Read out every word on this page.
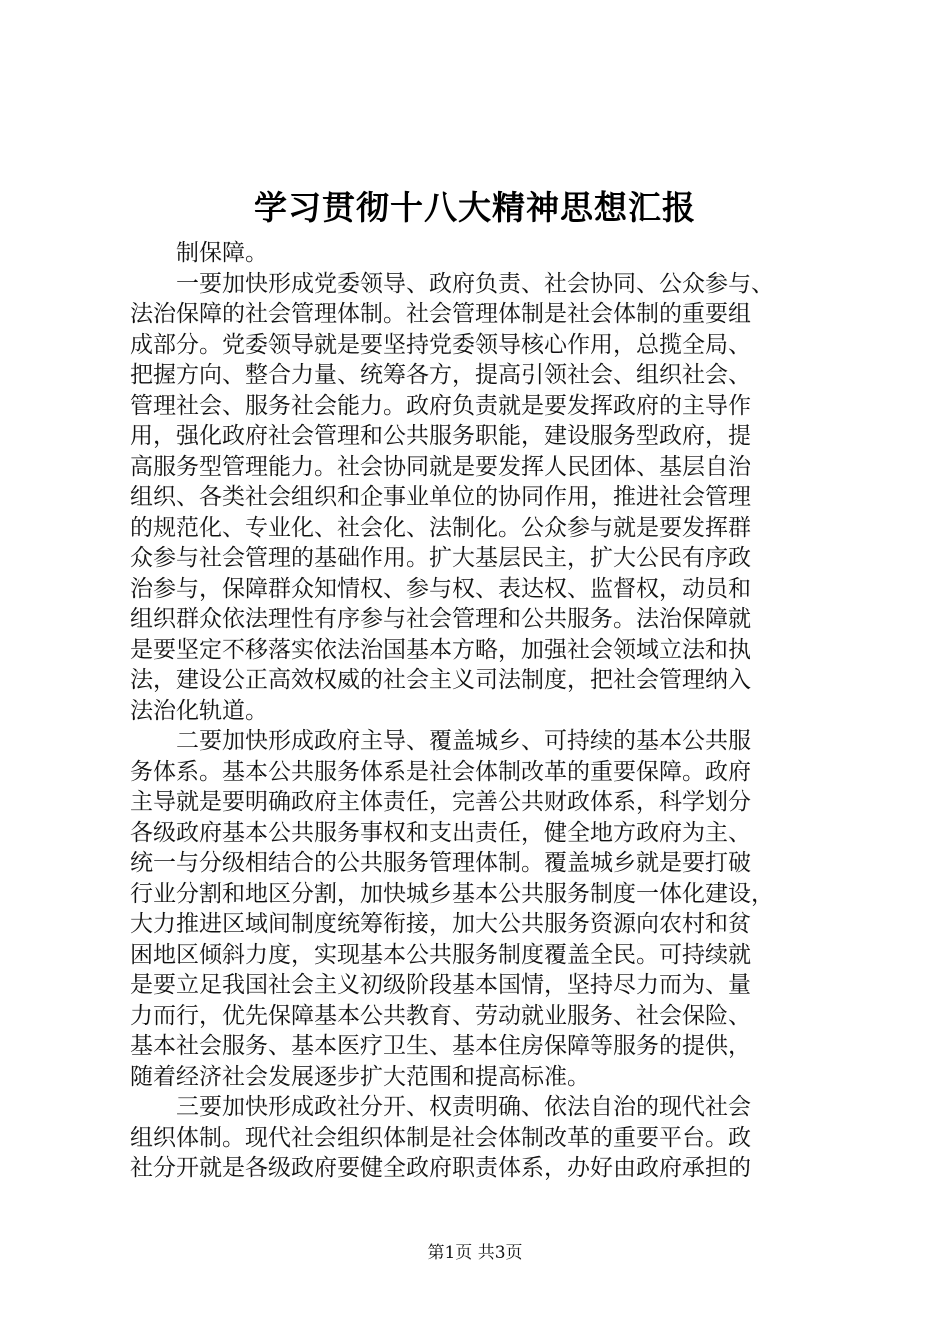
学习贯彻十八大精神思想汇报
制保障。
一要加快形成党委领导、政府负责、社会协同、公众参与、
法治保障的社会管理体制。社会管理体制是社会体制的重要组
成部分。党委领导就是要坚持党委领导核心作用，总揽全局、
把握方向、整合力量、统筹各方，提高引领社会、组织社会、
管理社会、服务社会能力。政府负责就是要发挥政府的主导作
用，强化政府社会管理和公共服务职能，建设服务型政府，提
高服务型管理能力。社会协同就是要发挥人民团体、基层自治
组织、各类社会组织和企事业单位的协同作用，推进社会管理
的规范化、专业化、社会化、法制化。公众参与就是要发挥群
众参与社会管理的基础作用。扩大基层民主，扩大公民有序政
治参与，保障群众知情权、参与权、表达权、监督权，动员和
组织群众依法理性有序参与社会管理和公共服务。法治保障就
是要坚定不移落实依法治国基本方略，加强社会领域立法和执
法，建设公正高效权威的社会主义司法制度，把社会管理纳入
法治化轨道。
二要加快形成政府主导、覆盖城乡、可持续的基本公共服
务体系。基本公共服务体系是社会体制改革的重要保障。政府
主导就是要明确政府主体责任，完善公共财政体系，科学划分
各级政府基本公共服务事权和支出责任，健全地方政府为主、
统一与分级相结合的公共服务管理体制。覆盖城乡就是要打破
行业分割和地区分割，加快城乡基本公共服务制度一体化建设，
大力推进区域间制度统筹衔接，加大公共服务资源向农村和贫
困地区倾斜力度，实现基本公共服务制度覆盖全民。可持续就
是要立足我国社会主义初级阶段基本国情，坚持尽力而为、量
力而行，优先保障基本公共教育、劳动就业服务、社会保险、
基本社会服务、基本医疗卫生、基本住房保障等服务的提供，
随着经济社会发展逐步扩大范围和提高标准。
三要加快形成政社分开、权责明确、依法自治的现代社会
组织体制。现代社会组织体制是社会体制改革的重要平台。政
社分开就是各级政府要健全政府职责体系，办好由政府承担的
第1页 共3页
